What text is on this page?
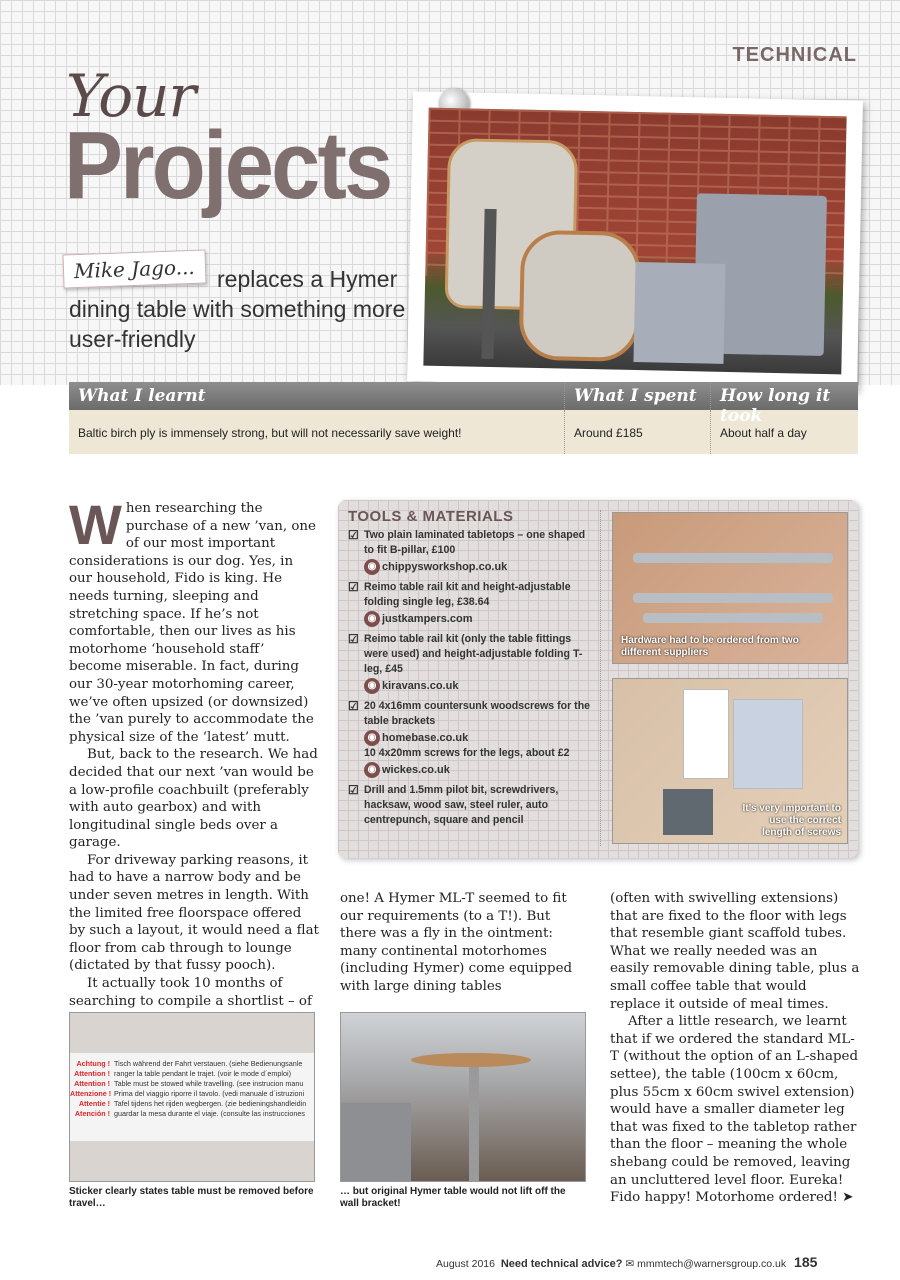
TECHNICAL
Your
Projects
replaces a Hymer dining table with something more user-friendly
Mike Jago...
What I learnt	What I spent	How long it took
Baltic birch ply is immensely strong, but will not necessarily save weight!	Around £185	About half a day

When researching the purchase of a new ’van, one of our most important considerations is our dog. Yes, in our household, Fido is king. He needs turning, sleeping and stretching space. If he’s not comfortable, then our lives as his motorhome ‘household staff’ become miserable. In fact, during our 30-year motorhoming career, we’ve often upsized (or downsized) the ’van purely to accommodate the physical size of the ‘latest’ mutt.

But, back to the research. We had decided that our next ’van would be a low-profile coachbuilt (preferably with auto gearbox) and with longitudinal single beds over a garage.

For driveway parking reasons, it had to have a narrow body and be under seven metres in length. With the limited free floorspace offered by such a layout, it would need a flat floor from cab through to lounge (dictated by that fussy pooch).

It actually took 10 months of searching to compile a shortlist – of

TOOLS & MATERIALS
☑ Two plain laminated tabletops – one shaped to fit B-pillar, £100
◉ chippysworkshop.co.uk
☑ Reimo table rail kit and height-adjustable folding single leg, £38.64
◉ justkampers.com
☑ Reimo table rail kit (only the table fittings were used) and height-adjustable folding T-leg, £45
◉ kiravans.co.uk
☑ 20 4x16mm countersunk woodscrews for the table brackets
◉ homebase.co.uk
10 4x20mm screws for the legs, about £2
◉ wickes.co.uk
☑ Drill and 1.5mm pilot bit, screwdrivers, hacksaw, wood saw, steel ruler, auto centrepunch, square and pencil
Hardware had to be ordered from two different suppliers
It’s very important to use the correct length of screws

one! A Hymer ML-T seemed to fit our requirements (to a T!). But there was a fly in the ointment: many continental motorhomes (including Hymer) come equipped with large dining tables

(often with swivelling extensions) that are fixed to the floor with legs that resemble giant scaffold tubes. What we really needed was an easily removable dining table, plus a small coffee table that would replace it outside of meal times.

After a little research, we learnt that if we ordered the standard ML-T (without the option of an L-shaped settee), the table (100cm x 60cm, plus 55cm x 60cm swivel extension) would have a smaller diameter leg that was fixed to the tabletop rather than the floor – meaning the whole shebang could be removed, leaving an uncluttered level floor. Eureka! Fido happy! Motorhome ordered! ➤

Achtung ! Tisch während der Fahrt verstauen. (siehe Bedienungsanle
Attention ! ranger la table pendant le trajet. (voir le mode d´emploi)
Attention ! Table must be stowed while travelling. (see instrucion manu
Attenzione ! Prima del viaggio riporre il tavolo. (vedi manuale d´istruzioni
Attentie ! Tafel tijdens het rijden wegbergen. (zie bedieningshandleidin
Atención ! guardar la mesa durante el viaje. (consulte las instrucciones
Sticker clearly states table must be removed before travel…
… but original Hymer table would not lift off the wall bracket!
August 2016 Need technical advice? ✉ mmmtech@warnersgroup.co.uk 185
